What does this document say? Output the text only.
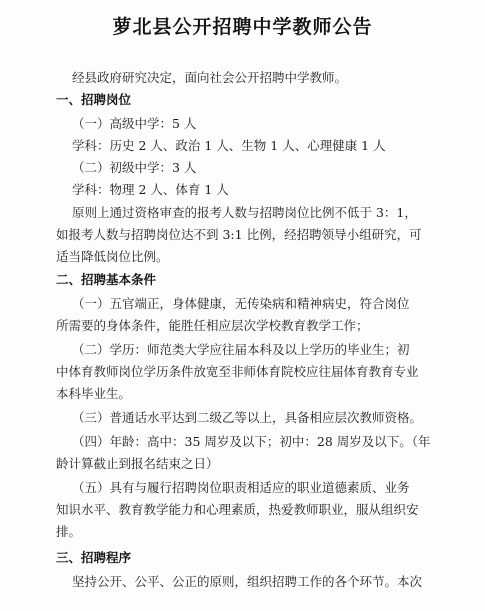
萝北县公开招聘中学教师公告
经县政府研究决定，面向社会公开招聘中学教师。
一、招聘岗位
（一）高级中学：5 人
学科：历史 2 人、政治 1 人、生物 1 人、心理健康 1 人
（二）初级中学：3 人
学科：物理 2 人、体育 1 人
原则上通过资格审查的报考人数与招聘岗位比例不低于 3：1，
如报考人数与招聘岗位达不到 3:1 比例，经招聘领导小组研究，可
适当降低岗位比例。
二、招聘基本条件
（一）五官端正，身体健康，无传染病和精神病史，符合岗位
所需要的身体条件，能胜任相应层次学校教育教学工作；
（二）学历：师范类大学应往届本科及以上学历的毕业生；初
中体育教师岗位学历条件放宽至非师体育院校应往届体育教育专业
本科毕业生。
（三）普通话水平达到二级乙等以上，具备相应层次教师资格。
（四）年龄：高中：35 周岁及以下；初中：28 周岁及以下。（年
龄计算截止到报名结束之日）
（五）具有与履行招聘岗位职责相适应的职业道德素质、业务
知识水平、教育教学能力和心理素质，热爱教师职业，服从组织安
排。
三、招聘程序
坚持公开、公平、公正的原则，组织招聘工作的各个环节。本次
